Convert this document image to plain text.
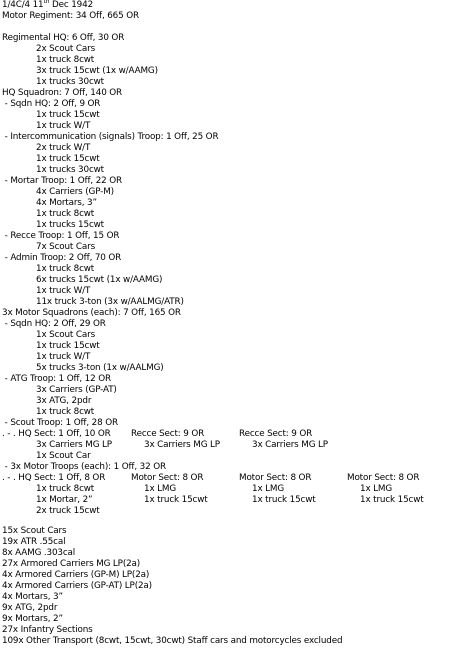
1/4C/4 11th Dec 1942
Motor Regiment: 34 Off, 665 OR
Regimental HQ: 6 Off, 30 OR
2x Scout Cars
1x truck 8cwt
3x truck 15cwt (1x w/AAMG)
1x trucks 30cwt
HQ Squadron: 7 Off, 140 OR
- Sqdn HQ: 2 Off, 9 OR
1x truck 15cwt
1x truck W/T
- Intercommunication (signals) Troop: 1 Off, 25 OR
2x truck W/T
1x truck 15cwt
1x trucks 30cwt
- Mortar Troop: 1 Off, 22 OR
4x Carriers (GP-M)
4x Mortars, 3”
1x truck 8cwt
1x trucks 15cwt
- Recce Troop: 1 Off, 15 OR
7x Scout Cars
- Admin Troop: 2 Off, 70 OR
1x truck 8cwt
6x trucks 15cwt (1x w/AAMG)
1x truck W/T
11x truck 3-ton (3x w/AALMG/ATR)
3x Motor Squadrons (each): 7 Off, 165 OR
- Sqdn HQ: 2 Off, 29 OR
1x Scout Cars
1x truck 15cwt
1x truck W/T
5x trucks 3-ton (1x w/AALMG)
- ATG Troop: 1 Off, 12 OR
3x Carriers (GP-AT)
3x ATG, 2pdr
1x truck 8cwt
- Scout Troop: 1 Off, 28 OR
. - . HQ Sect: 1 Off, 10 OR Recce Sect: 9 OR	Recce Sect: 9 OR
3x Carriers MG LP	3x Carriers MG LP	3x Carriers MG LP
1x Scout Car
- 3x Motor Troops (each): 1 Off, 32 OR
. - . HQ Sect: 1 Off, 8 OR	Motor Sect: 8 OR	Motor Sect: 8 OR	Motor Sect: 8 OR
1x truck 8cwt	1x LMG	1x LMG	1x LMG
1x Mortar, 2”	1x truck 15cwt	1x truck 15cwt	1x truck 15cwt
2x truck 15cwt
15x Scout Cars
19x ATR .55cal
8x AAMG .303cal
27x Armored Carriers MG LP(2a)
4x Armored Carriers (GP-M) LP(2a)
4x Armored Carriers (GP-AT) LP(2a)
4x Mortars, 3”
9x ATG, 2pdr
9x Mortars, 2”
27x Infantry Sections
109x Other Transport (8cwt, 15cwt, 30cwt) Staff cars and motorcycles excluded
